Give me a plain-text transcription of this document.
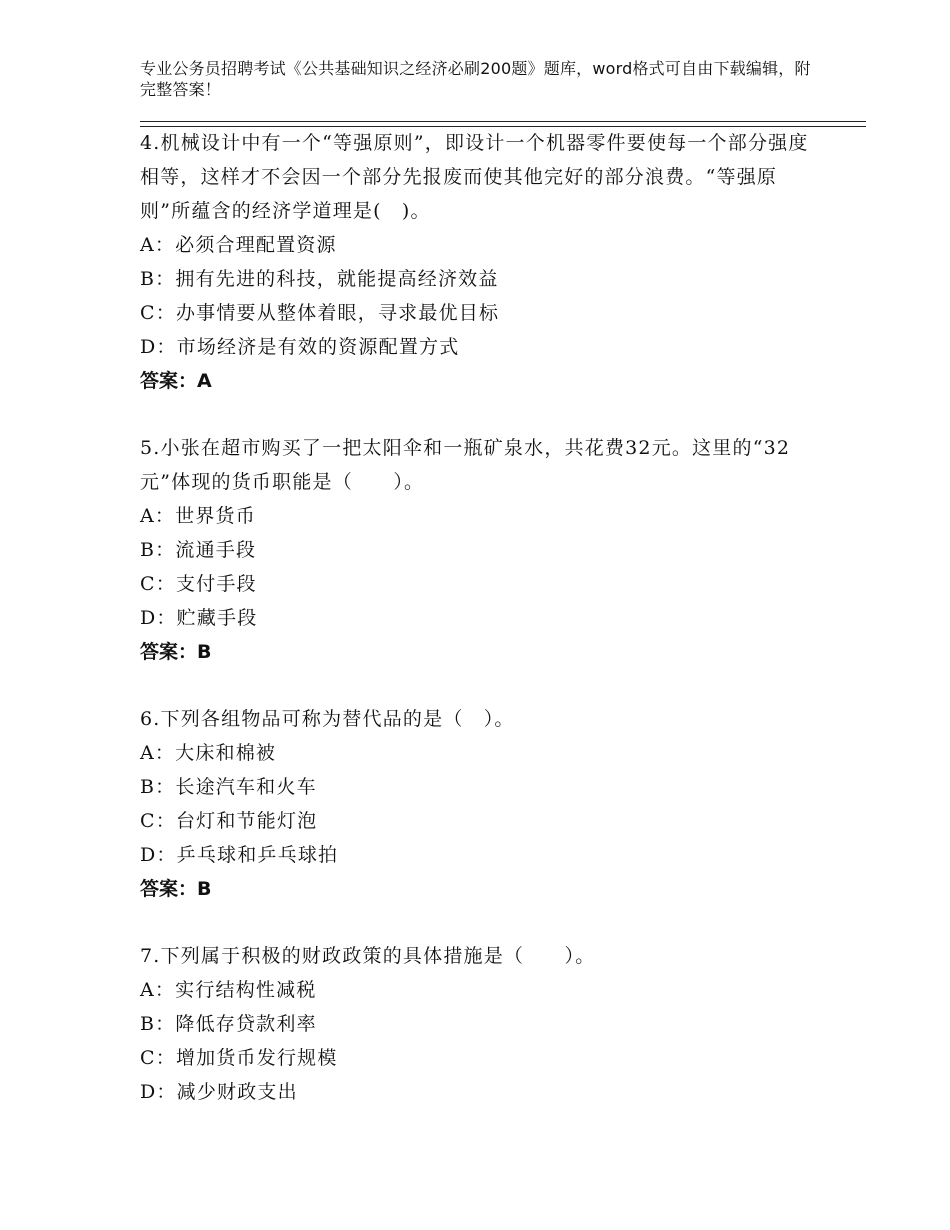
专业公务员招聘考试《公共基础知识之经济必刷200题》题库，word格式可自由下载编辑，附完整答案！

4.机械设计中有一个“等强原则”，即设计一个机器零件要使每一个部分强度相等，这样才不会因一个部分先报废而使其他完好的部分浪费。“等强原则”所蕴含的经济学道理是(　)。

A：必须合理配置资源

B：拥有先进的科技，就能提高经济效益

C：办事情要从整体着眼，寻求最优目标

D：市场经济是有效的资源配置方式

答案：A

5.小张在超市购买了一把太阳伞和一瓶矿泉水，共花费32元。这里的“32元”体现的货币职能是（　　）。

A：世界货币

B：流通手段

C：支付手段

D：贮藏手段

答案：B

6.下列各组物品可称为替代品的是（　）。

A：大床和棉被

B：长途汽车和火车

C：台灯和节能灯泡

D：乒乓球和乒乓球拍

答案：B

7.下列属于积极的财政政策的具体措施是（　　）。

A：实行结构性减税

B：降低存贷款利率

C：增加货币发行规模

D：减少财政支出
